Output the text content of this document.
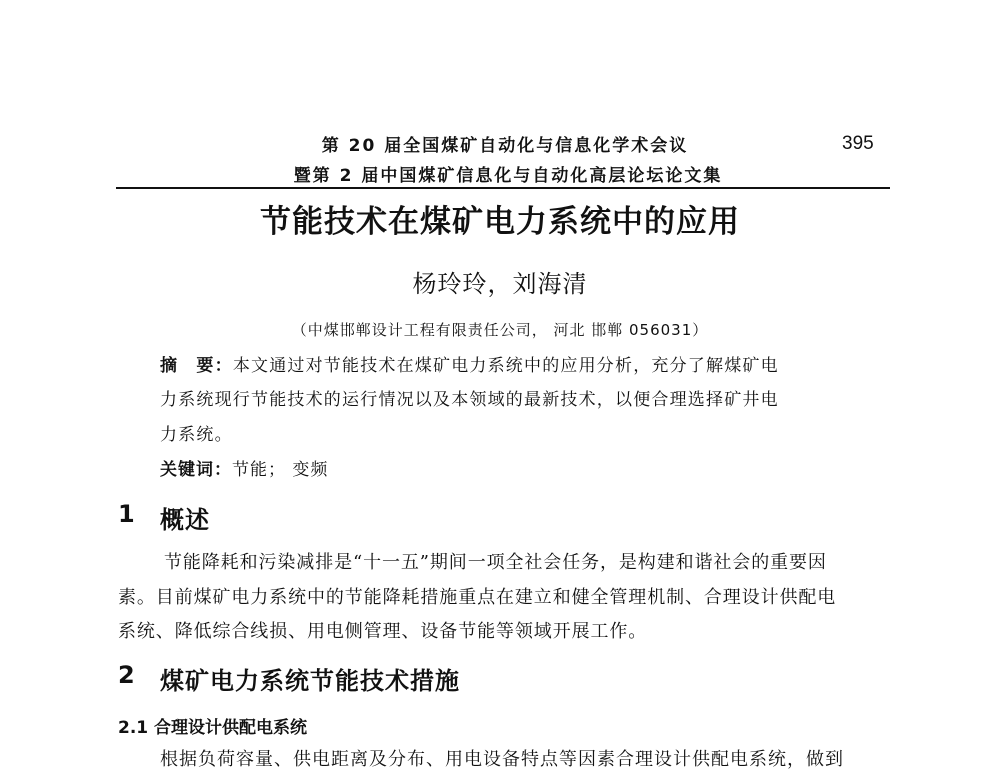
第 20 届全国煤矿自动化与信息化学术会议	395
暨第 2 届中国煤矿信息化与自动化高层论坛论文集
节能技术在煤矿电力系统中的应用
杨玲玲，刘海清
（中煤邯郸设计工程有限责任公司， 河北 邯郸 056031）
摘　要：本文通过对节能技术在煤矿电力系统中的应用分析，充分了解煤矿电
力系统现行节能技术的运行情况以及本领域的最新技术，以便合理选择矿井电
力系统。
关键词：节能； 变频
1 概述
节能降耗和污染减排是“十一五”期间一项全社会任务，是构建和谐社会的重要因
素。目前煤矿电力系统中的节能降耗措施重点在建立和健全管理机制、合理设计供配电
系统、降低综合线损、用电侧管理、设备节能等领域开展工作。
2 煤矿电力系统节能技术措施
2.1 合理设计供配电系统
根据负荷容量、供电距离及分布、用电设备特点等因素合理设计供配电系统，做到
